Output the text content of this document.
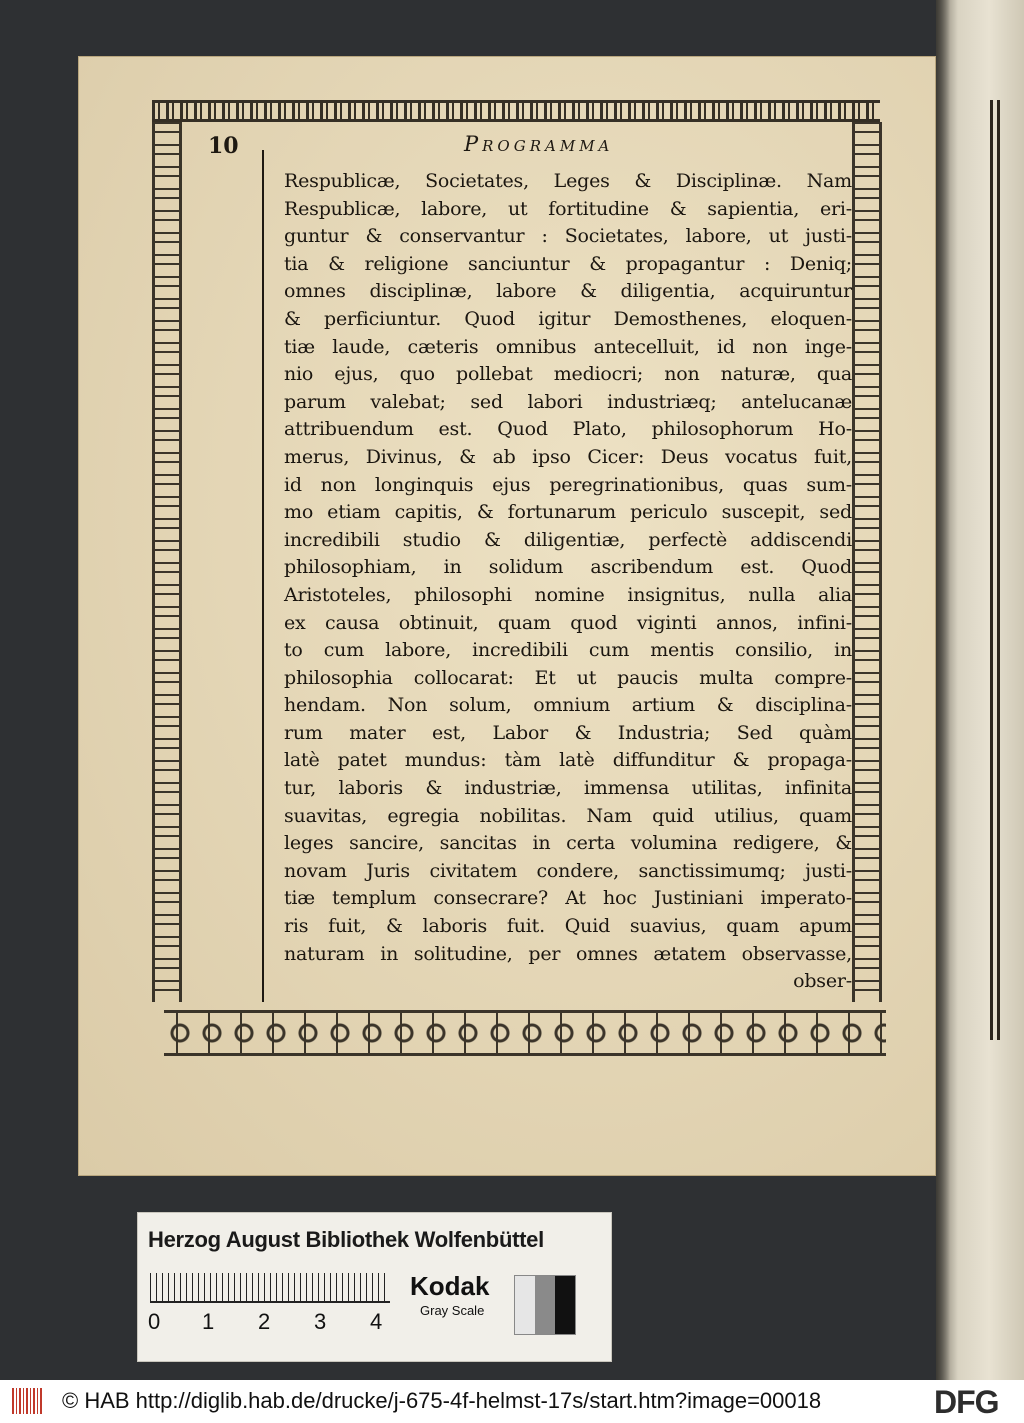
10	Programma
Respublicæ, Societates, Leges & Disciplinæ. Nam
Respublicæ, labore, ut fortitudine & sapientia, eri-
guntur & conservantur : Societates, labore, ut justi-
tia & religione sanciuntur & propagantur : Deniq;
omnes disciplinæ, labore & diligentia, acquiruntur
& perficiuntur. Quod igitur Demosthenes, eloquen-
tiæ laude, cæteris omnibus antecelluit, id non inge-
nio ejus, quo pollebat mediocri; non naturæ, qua
parum valebat; sed labori industriæq; antelucanæ
attribuendum est. Quod Plato, philosophorum Ho-
merus, Divinus, & ab ipso Cicer: Deus vocatus fuit,
id non longinquis ejus peregrinationibus, quas sum-
mo etiam capitis, & fortunarum periculo suscepit, sed
incredibili studio & diligentiæ, perfectè addiscendi
philosophiam, in solidum ascribendum est. Quod
Aristoteles, philosophi nomine insignitus, nulla alia
ex causa obtinuit, quam quod viginti annos, infini-
to cum labore, incredibili cum mentis consilio, in
philosophia collocarat: Et ut paucis multa compre-
hendam. Non solum, omnium artium & disciplina-
rum mater est, Labor & Industria; Sed quàm
latè patet mundus: tàm latè diffunditur & propaga-
tur, laboris & industriæ, immensa utilitas, infinita
suavitas, egregia nobilitas. Nam quid utilius, quam
leges sancire, sancitas in certa volumina redigere, &
novam Juris civitatem condere, sanctissimumq; justi-
tiæ templum consecrare? At hoc Justiniani imperato-
ris fuit, & laboris fuit. Quid suavius, quam apum
naturam in solitudine, per omnes ætatem observasse,
obser-
Herzog August Bibliothek Wolfenbüttel
0 1 2 3 4
Kodak
Gray Scale
© HAB http://diglib.hab.de/drucke/j-675-4f-helmst-17s/start.htm?image=00018	DFG
